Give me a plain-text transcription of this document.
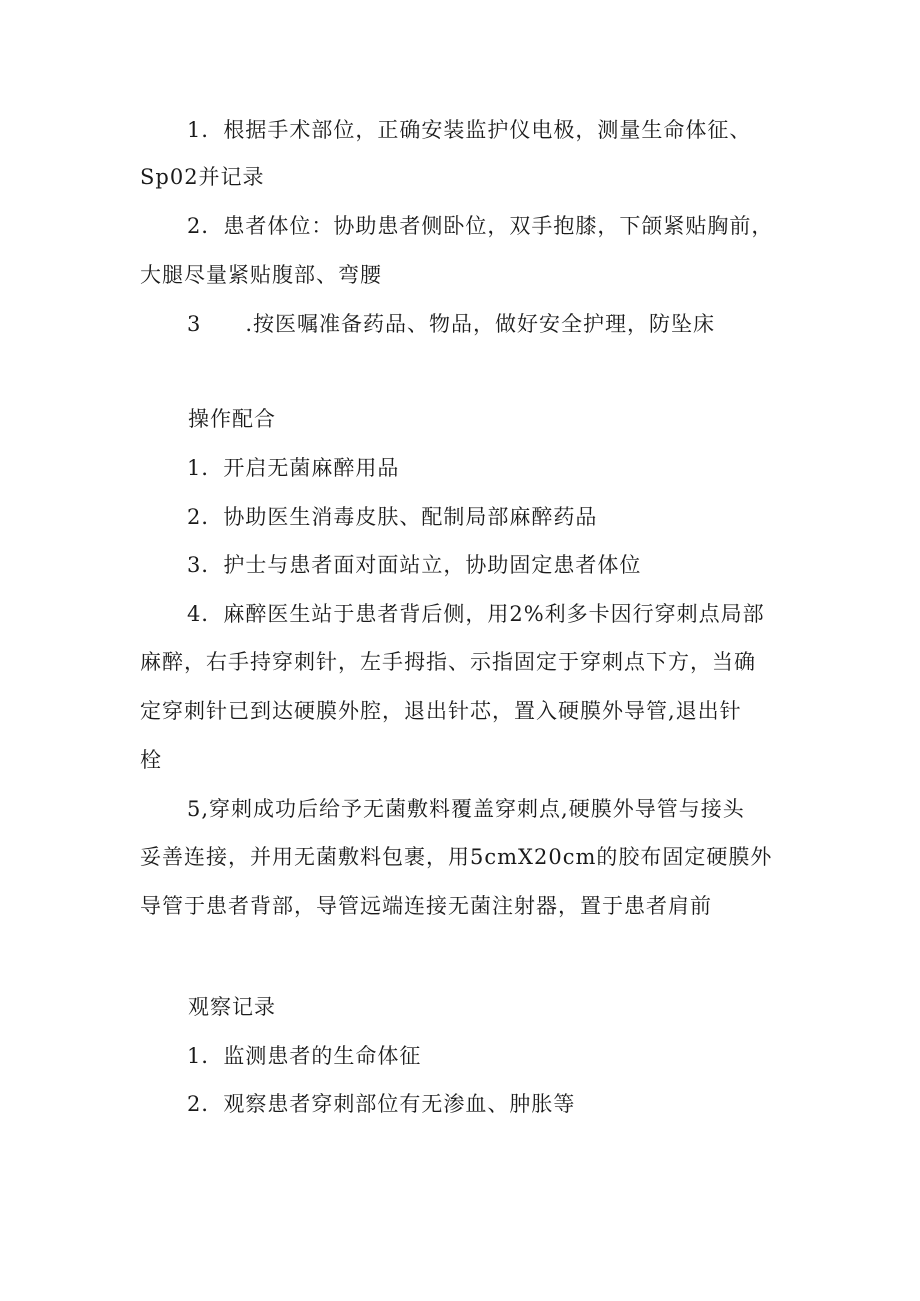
1．根据手术部位，正确安装监护仪电极，测量生命体征、
Sp02并记录
2．患者体位：协助患者侧卧位，双手抱膝，下颌紧贴胸前，
大腿尽量紧贴腹部、弯腰
3　　.按医嘱准备药品、物品，做好安全护理，防坠床
操作配合
1．开启无菌麻醉用品
2．协助医生消毒皮肤、配制局部麻醉药品
3．护士与患者面对面站立，协助固定患者体位
4．麻醉医生站于患者背后侧，用2%利多卡因行穿刺点局部
麻醉，右手持穿刺针，左手拇指、示指固定于穿刺点下方，当确
定穿刺针已到达硬膜外腔，退出针芯，置入硬膜外导管,退出针
栓
5,穿刺成功后给予无菌敷料覆盖穿刺点,硬膜外导管与接头
妥善连接，并用无菌敷料包裹，用5cmX20cm的胶布固定硬膜外
导管于患者背部，导管远端连接无菌注射器，置于患者肩前
观察记录
1．监测患者的生命体征
2．观察患者穿刺部位有无渗血、肿胀等
